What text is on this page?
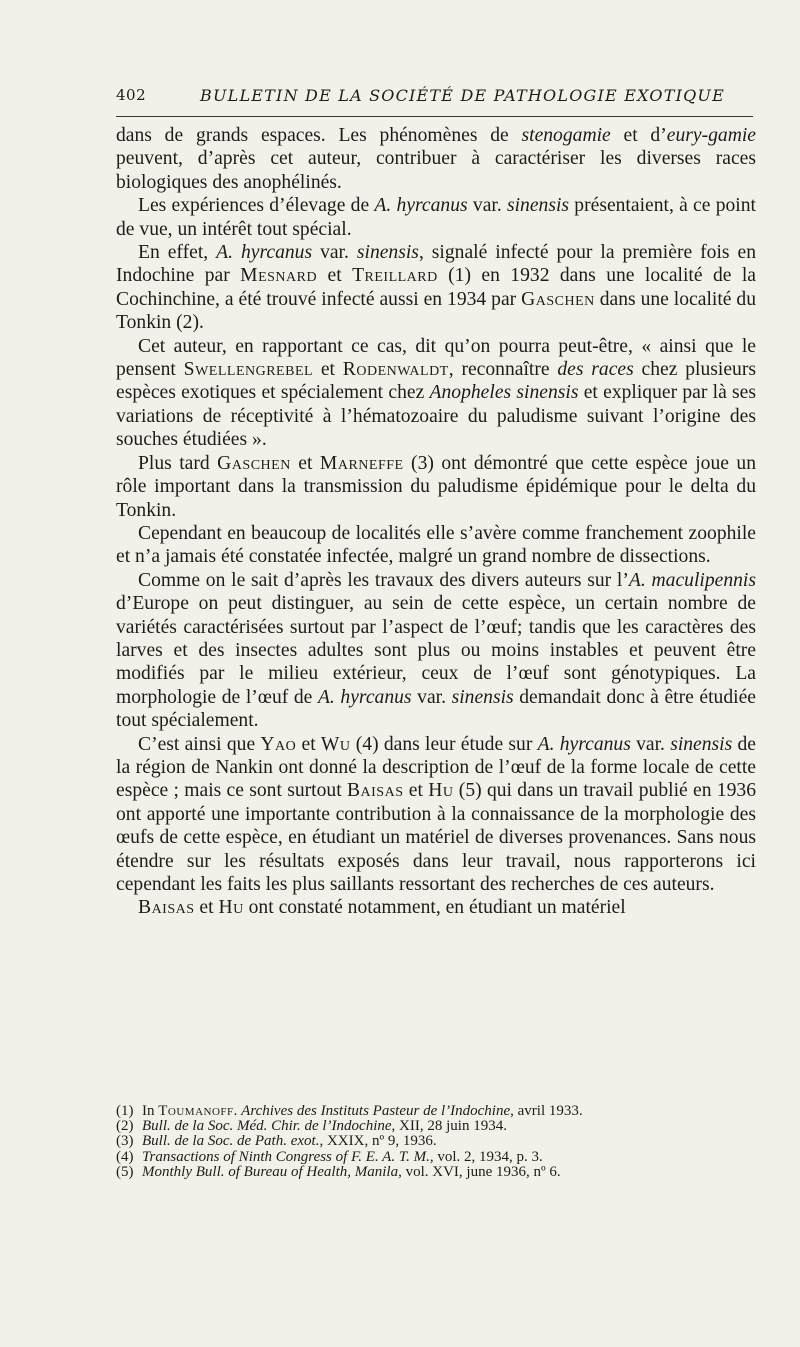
402	BULLETIN DE LA SOCIÉTÉ DE PATHOLOGIE EXOTIQUE

dans de grands espaces. Les phénomènes de stenogamie et d’eury-gamie peuvent, d’après cet auteur, contribuer à caractériser les diverses races biologiques des anophélinés.

Les expériences d’élevage de A. hyrcanus var. sinensis présentaient, à ce point de vue, un intérêt tout spécial.

En effet, A. hyrcanus var. sinensis, signalé infecté pour la première fois en Indochine par Mesnard et Treillard (1) en 1932 dans une localité de la Cochinchine, a été trouvé infecté aussi en 1934 par Gaschen dans une localité du Tonkin (2).

Cet auteur, en rapportant ce cas, dit qu’on pourra peut-être, « ainsi que le pensent Swellengrebel et Rodenwaldt, reconnaître des races chez plusieurs espèces exotiques et spécialement chez Anopheles sinensis et expliquer par là ses variations de réceptivité à l’hématozoaire du paludisme suivant l’origine des souches étudiées ».

Plus tard Gaschen et Marneffe (3) ont démontré que cette espèce joue un rôle important dans la transmission du paludisme épidémique pour le delta du Tonkin.

Cependant en beaucoup de localités elle s’avère comme franchement zoophile et n’a jamais été constatée infectée, malgré un grand nombre de dissections.

Comme on le sait d’après les travaux des divers auteurs sur l’A. maculipennis d’Europe on peut distinguer, au sein de cette espèce, un certain nombre de variétés caractérisées surtout par l’aspect de l’œuf; tandis que les caractères des larves et des insectes adultes sont plus ou moins instables et peuvent être modifiés par le milieu extérieur, ceux de l’œuf sont génotypiques. La morphologie de l’œuf de A. hyrcanus var. sinensis demandait donc à être étudiée tout spécialement.

C’est ainsi que Yao et Wu (4) dans leur étude sur A. hyrcanus var. sinensis de la région de Nankin ont donné la description de l’œuf de la forme locale de cette espèce ; mais ce sont surtout Baisas et Hu (5) qui dans un travail publié en 1936 ont apporté une importante contribution à la connaissance de la morphologie des œufs de cette espèce, en étudiant un matériel de diverses provenances. Sans nous étendre sur les résultats exposés dans leur travail, nous rapporterons ici cependant les faits les plus saillants ressortant des recherches de ces auteurs.

Baisas et Hu ont constaté notamment, en étudiant un matériel

(1) In Toumanoff. Archives des Instituts Pasteur de l’Indochine, avril 1933.
(2) Bull. de la Soc. Méd. Chir. de l’Indochine, XII, 28 juin 1934.
(3) Bull. de la Soc. de Path. exot., XXIX, nº 9, 1936.
(4) Transactions of Ninth Congress of F. E. A. T. M., vol. 2, 1934, p. 3.
(5) Monthly Bull. of Bureau of Health, Manila, vol. XVI, june 1936, nº 6.
